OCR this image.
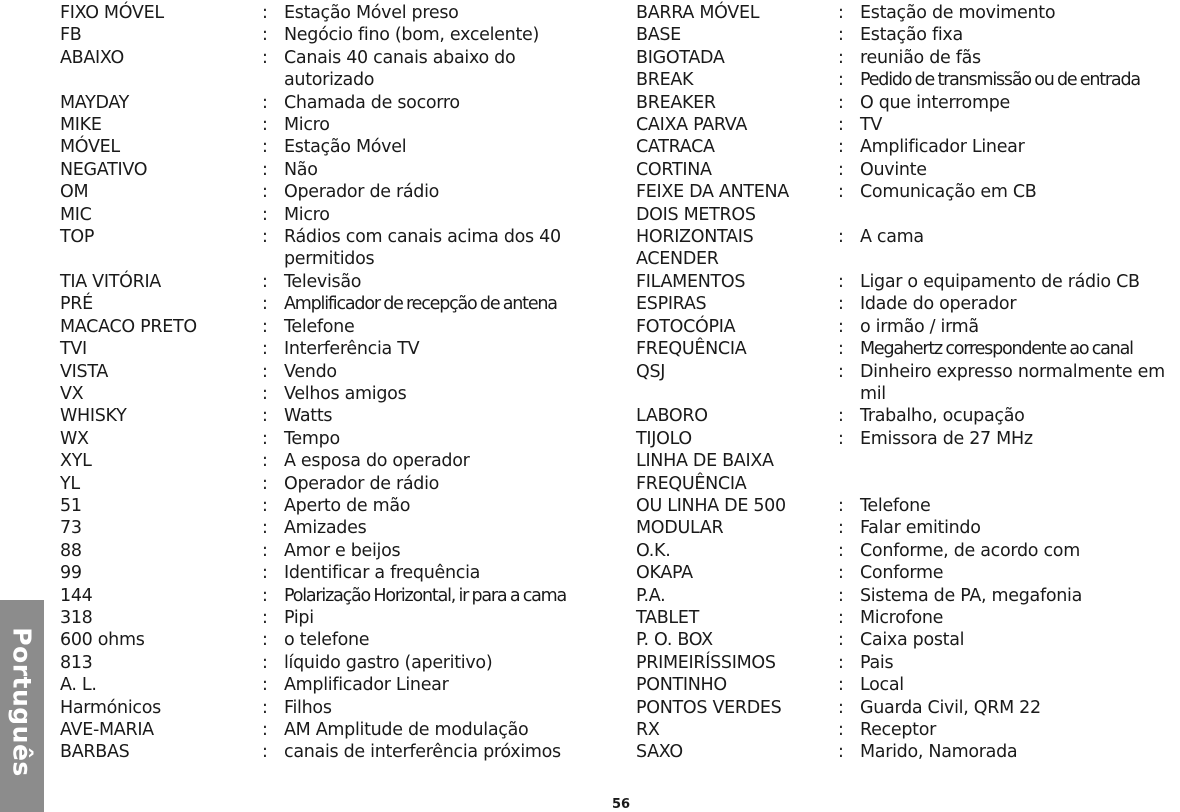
Português
FIXO MÓVEL	: Estação Móvel preso
FB	: Negócio fino (bom, excelente)
ABAIXO	: Canais 40 canais abaixo do autorizado
MAYDAY	: Chamada de socorro
MIKE	: Micro
MÓVEL	: Estação Móvel
NEGATIVO	: Não
OM	: Operador de rádio
MIC	: Micro
TOP	: Rádios com canais acima dos 40 permitidos
TIA VITÓRIA	: Televisão
PRÉ	: Amplificador de recepção de antena
MACACO PRETO	: Telefone
TVI	: Interferência TV
VISTA	: Vendo
VX	: Velhos amigos
WHISKY	: Watts
WX	: Tempo
XYL	: A esposa do operador
YL	: Operador de rádio
51	: Aperto de mão
73	: Amizades
88	: Amor e beijos
99	: Identificar a frequência
144	: Polarização Horizontal, ir para a cama
318	: Pipi
600 ohms	: o telefone
813	: líquido gastro (aperitivo)
A. L.	: Amplificador Linear
Harmónicos	: Filhos
AVE-MARIA	: AM Amplitude de modulação
BARBAS	: canais de interferência próximos
BARRA MÓVEL	: Estação de movimento
BASE	: Estação fixa
BIGOTADA	: reunião de fãs
BREAK	: Pedido de transmissão ou de entrada
BREAKER	: O que interrompe
CAIXA PARVA	: TV
CATRACA	: Amplificador Linear
CORTINA	: Ouvinte
FEIXE DA ANTENA	: Comunicação em CB
DOIS METROS
HORIZONTAIS	: A cama
ACENDER
FILAMENTOS	: Ligar o equipamento de rádio CB
ESPIRAS	: Idade do operador
FOTOCÓPIA	: o irmão / irmã
FREQUÊNCIA	: Megahertz correspondente ao canal
QSJ	: Dinheiro expresso normalmente em mil
LABORO	: Trabalho, ocupação
TIJOLO	: Emissora de 27 MHz
LINHA DE BAIXA
FREQUÊNCIA
OU LINHA DE 500	: Telefone
MODULAR	: Falar emitindo
O.K.	: Conforme, de acordo com
OKAPA	: Conforme
P.A.	: Sistema de PA, megafonia
TABLET	: Microfone
P. O. BOX	: Caixa postal
PRIMEIRÍSSIMOS	: Pais
PONTINHO	: Local
PONTOS VERDES	: Guarda Civil, QRM 22
RX	: Receptor
SAXO	: Marido, Namorada
56
